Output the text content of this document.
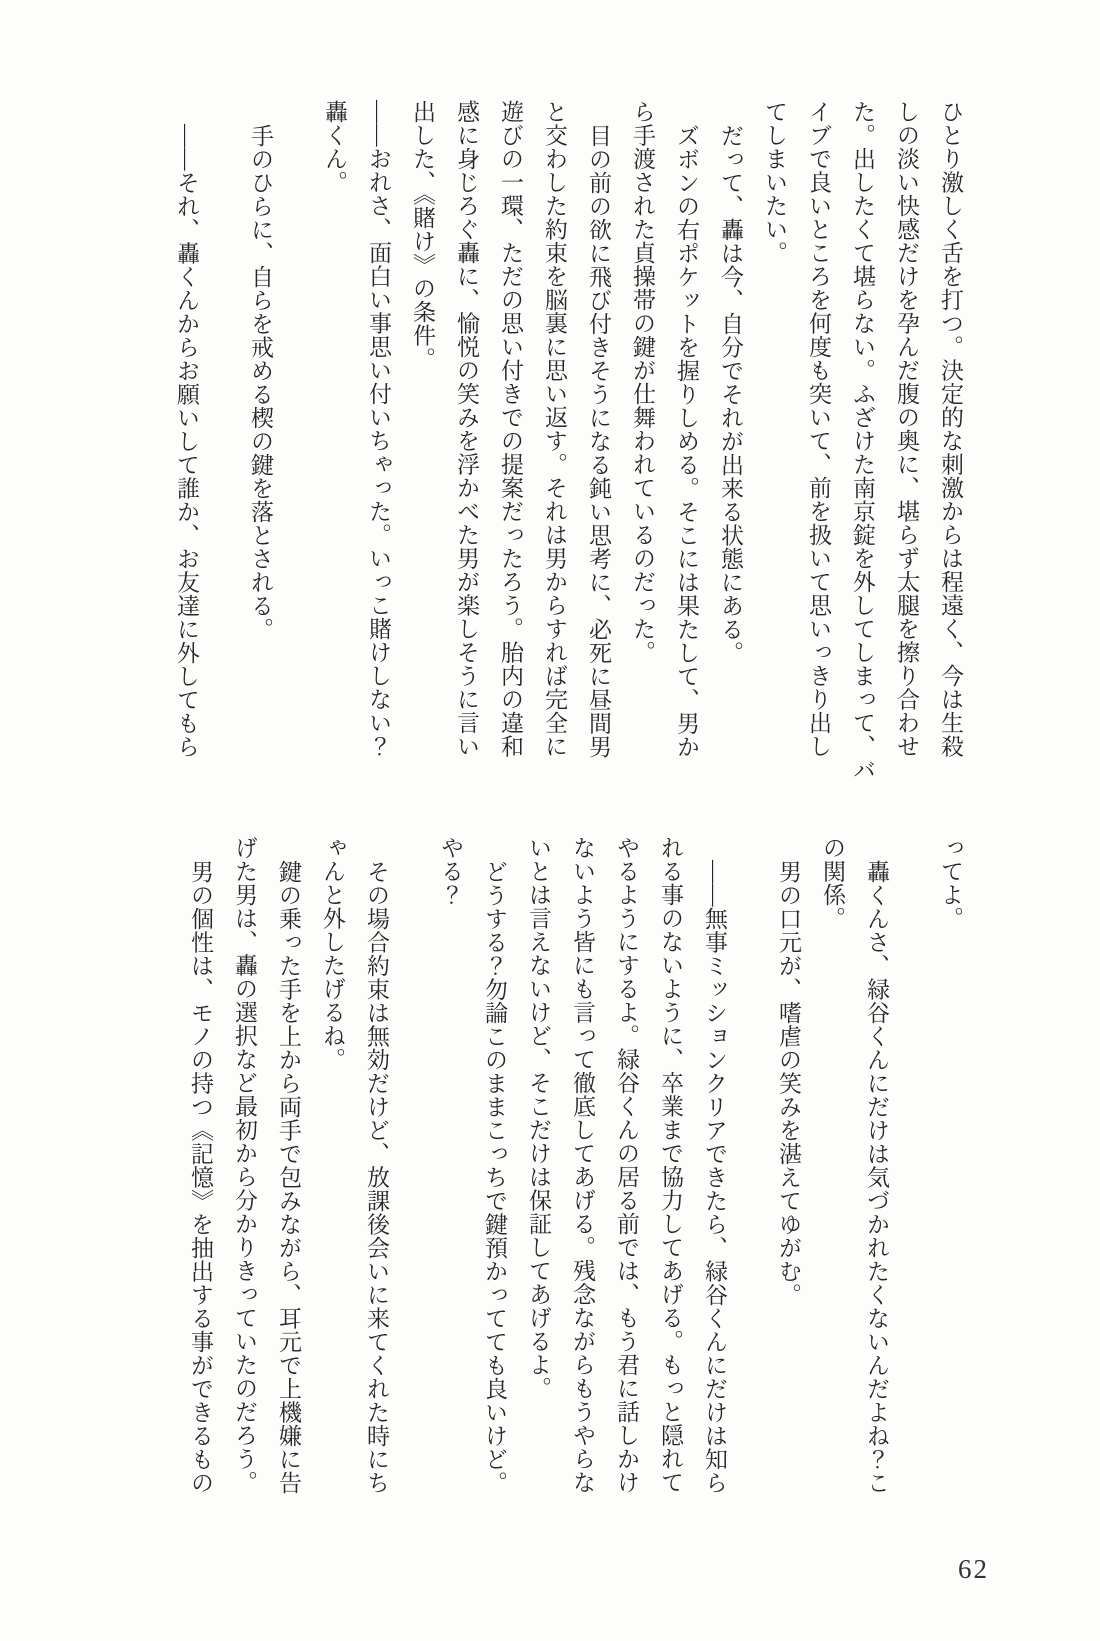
ひとり激しく舌を打つ。決定的な刺激からは程遠く、今は生殺
しの淡い快感だけを孕んだ腹の奥に、堪らず太腿を擦り合わせ
た。出したくて堪らない。ふざけた南京錠を外してしまって、バ
イブで良いところを何度も突いて、前を扱いて思いっきり出し
てしまいたい。
だって、轟は今、自分でそれが出来る状態にある。
ズボンの右ポケットを握りしめる。そこには果たして、男か
ら手渡された貞操帯の鍵が仕舞われているのだった。
目の前の欲に飛び付きそうになる鈍い思考に、必死に昼間男
と交わした約束を脳裏に思い返す。それは男からすれば完全に
遊びの一環、ただの思い付きでの提案だったろう。胎内の違和
感に身じろぐ轟に、愉悦の笑みを浮かべた男が楽しそうに言い
出した、《賭け》の条件。
――おれさ、面白い事思い付いちゃった。いっこ賭けしない？
轟くん。
手のひらに、自らを戒める楔の鍵を落とされる。
――それ、轟くんからお願いして誰か、お友達に外してもら
ってよ。
轟くんさ、緑谷くんにだけは気づかれたくないんだよね？こ
の関係。
男の口元が、嗜虐の笑みを湛えてゆがむ。
――無事ミッションクリアできたら、緑谷くんにだけは知ら
れる事のないように、卒業まで協力してあげる。もっと隠れて
やるようにするよ。緑谷くんの居る前では、もう君に話しかけ
ないよう皆にも言って徹底してあげる。残念ながらもうやらな
いとは言えないけど、そこだけは保証してあげるよ。
どうする？勿論このままこっちで鍵預かってても良いけど。
やる？
その場合約束は無効だけど、放課後会いに来てくれた時にち
ゃんと外したげるね。
鍵の乗った手を上から両手で包みながら、耳元で上機嫌に告
げた男は、轟の選択など最初から分かりきっていたのだろう。
男の個性は、モノの持つ《記憶》を抽出する事ができるもの
62
